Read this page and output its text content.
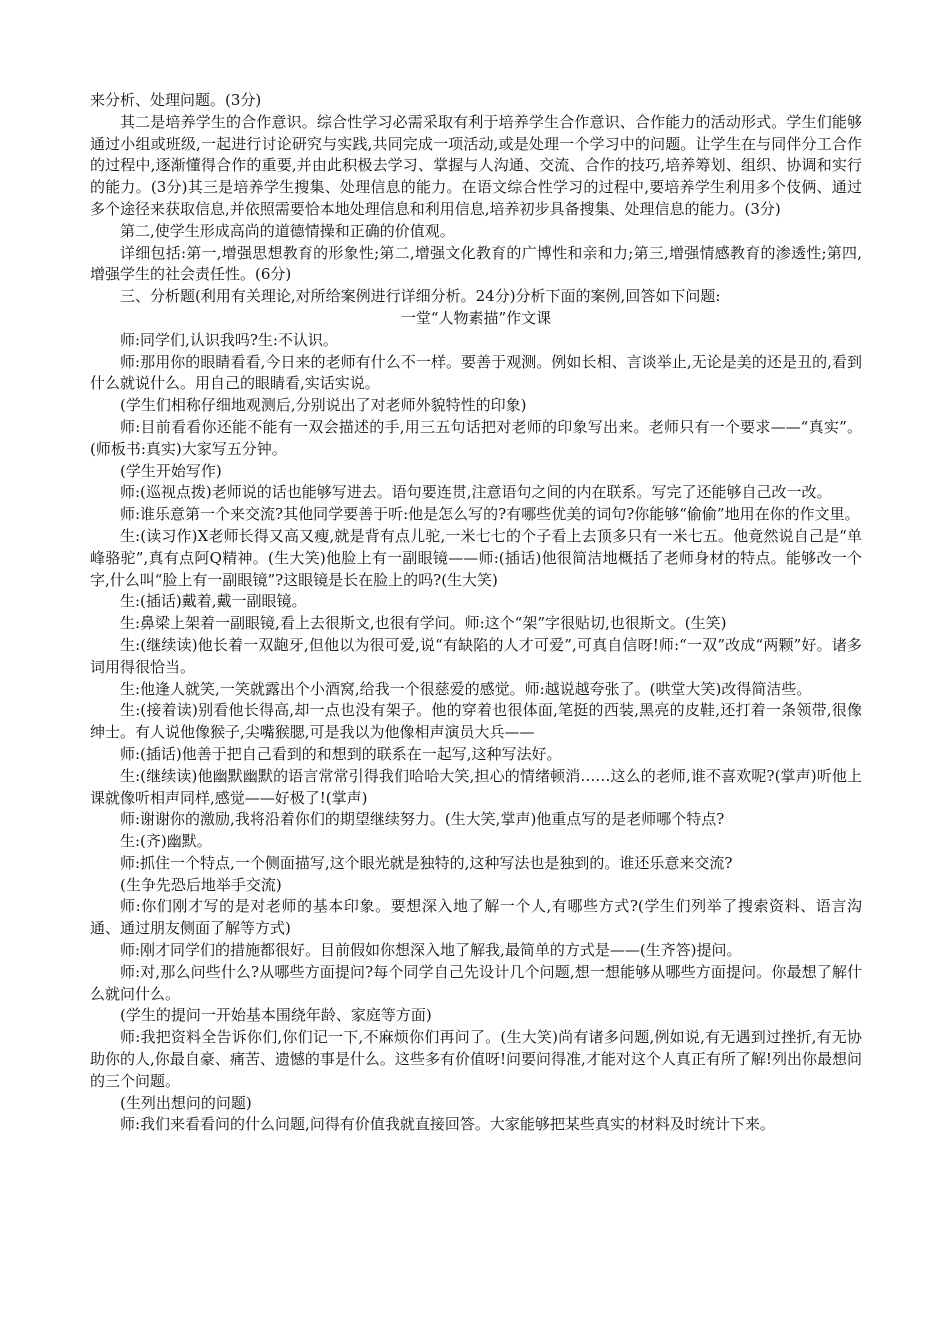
来分析、处理问题。(3分)

其二是培养学生的合作意识。综合性学习必需采取有利于培养学生合作意识、合作能力的活动形式。学生们能够通过小组或班级,一起进行讨论研究与实践,共同完成一项活动,或是处理一个学习中的问题。让学生在与同伴分工合作的过程中,逐渐懂得合作的重要,并由此积极去学习、掌握与人沟通、交流、合作的技巧,培养筹划、组织、协调和实行的能力。(3分)其三是培养学生搜集、处理信息的能力。在语文综合性学习的过程中,要培养学生利用多个伎俩、通过多个途径来获取信息,并依照需要恰本地处理信息和利用信息,培养初步具备搜集、处理信息的能力。(3分)

第二,使学生形成高尚的道德情操和正确的价值观。

详细包括:第一,增强思想教育的形象性;第二,增强文化教育的广博性和亲和力;第三,增强情感教育的渗透性;第四,增强学生的社会责任性。(6分)

三、分析题(利用有关理论,对所给案例进行详细分析。24分)分析下面的案例,回答如下问题:

一堂“人物素描”作文课

师:同学们,认识我吗?生:不认识。

师:那用你的眼睛看看,今日来的老师有什么不一样。要善于观测。例如长相、言谈举止,无论是美的还是丑的,看到什么就说什么。用自己的眼睛看,实话实说。

(学生们相称仔细地观测后,分别说出了对老师外貌特性的印象)

师:目前看看你还能不能有一双会描述的手,用三五句话把对老师的印象写出来。老师只有一个要求——“真实”。(师板书:真实)大家写五分钟。

(学生开始写作)

师:(巡视点拨)老师说的话也能够写进去。语句要连贯,注意语句之间的内在联系。写完了还能够自己改一改。

师:谁乐意第一个来交流?其他同学要善于听:他是怎么写的?有哪些优美的词句?你能够“偷偷”地用在你的作文里。

生:(读习作)X老师长得又高又瘦,就是背有点儿驼,一米七七的个子看上去顶多只有一米七五。他竟然说自己是“单峰骆驼”,真有点阿Q精神。(生大笑)他脸上有一副眼镜——师:(插话)他很简洁地概括了老师身材的特点。能够改一个字,什么叫“脸上有一副眼镜”?这眼镜是长在脸上的吗?(生大笑)

生:(插话)戴着,戴一副眼镜。

生:鼻梁上架着一副眼镜,看上去很斯文,也很有学问。师:这个“架”字很贴切,也很斯文。(生笑)

生:(继续读)他长着一双龅牙,但他以为很可爱,说“有缺陷的人才可爱”,可真自信呀!师:“一双”改成“两颗”好。诸多词用得很恰当。

生:他逢人就笑,一笑就露出个小酒窝,给我一个很慈爱的感觉。师:越说越夸张了。(哄堂大笑)改得简洁些。

生:(接着读)别看他长得高,却一点也没有架子。他的穿着也很体面,笔挺的西装,黑亮的皮鞋,还打着一条领带,很像绅士。有人说他像猴子,尖嘴猴腮,可是我以为他像相声演员大兵——

师:(插话)他善于把自己看到的和想到的联系在一起写,这种写法好。

生:(继续读)他幽默幽默的语言常常引得我们哈哈大笑,担心的情绪顿消……这么的老师,谁不喜欢呢?(掌声)听他上课就像听相声同样,感觉——好极了!(掌声)

师:谢谢你的激励,我将沿着你们的期望继续努力。(生大笑,掌声)他重点写的是老师哪个特点?

生:(齐)幽默。

师:抓住一个特点,一个侧面描写,这个眼光就是独特的,这种写法也是独到的。谁还乐意来交流?

(生争先恐后地举手交流)

师:你们刚才写的是对老师的基本印象。要想深入地了解一个人,有哪些方式?(学生们列举了搜索资料、语言沟通、通过朋友侧面了解等方式)

师:刚才同学们的措施都很好。目前假如你想深入地了解我,最简单的方式是——(生齐答)提问。

师:对,那么问些什么?从哪些方面提问?每个同学自己先设计几个问题,想一想能够从哪些方面提问。你最想了解什么就问什么。

(学生的提问一开始基本围绕年龄、家庭等方面)

师:我把资料全告诉你们,你们记一下,不麻烦你们再问了。(生大笑)尚有诸多问题,例如说,有无遇到过挫折,有无协助你的人,你最自豪、痛苦、遗憾的事是什么。这些多有价值呀!问要问得准,才能对这个人真正有所了解!列出你最想问的三个问题。

(生列出想问的问题)

师:我们来看看问的什么问题,问得有价值我就直接回答。大家能够把某些真实的材料及时统计下来。
